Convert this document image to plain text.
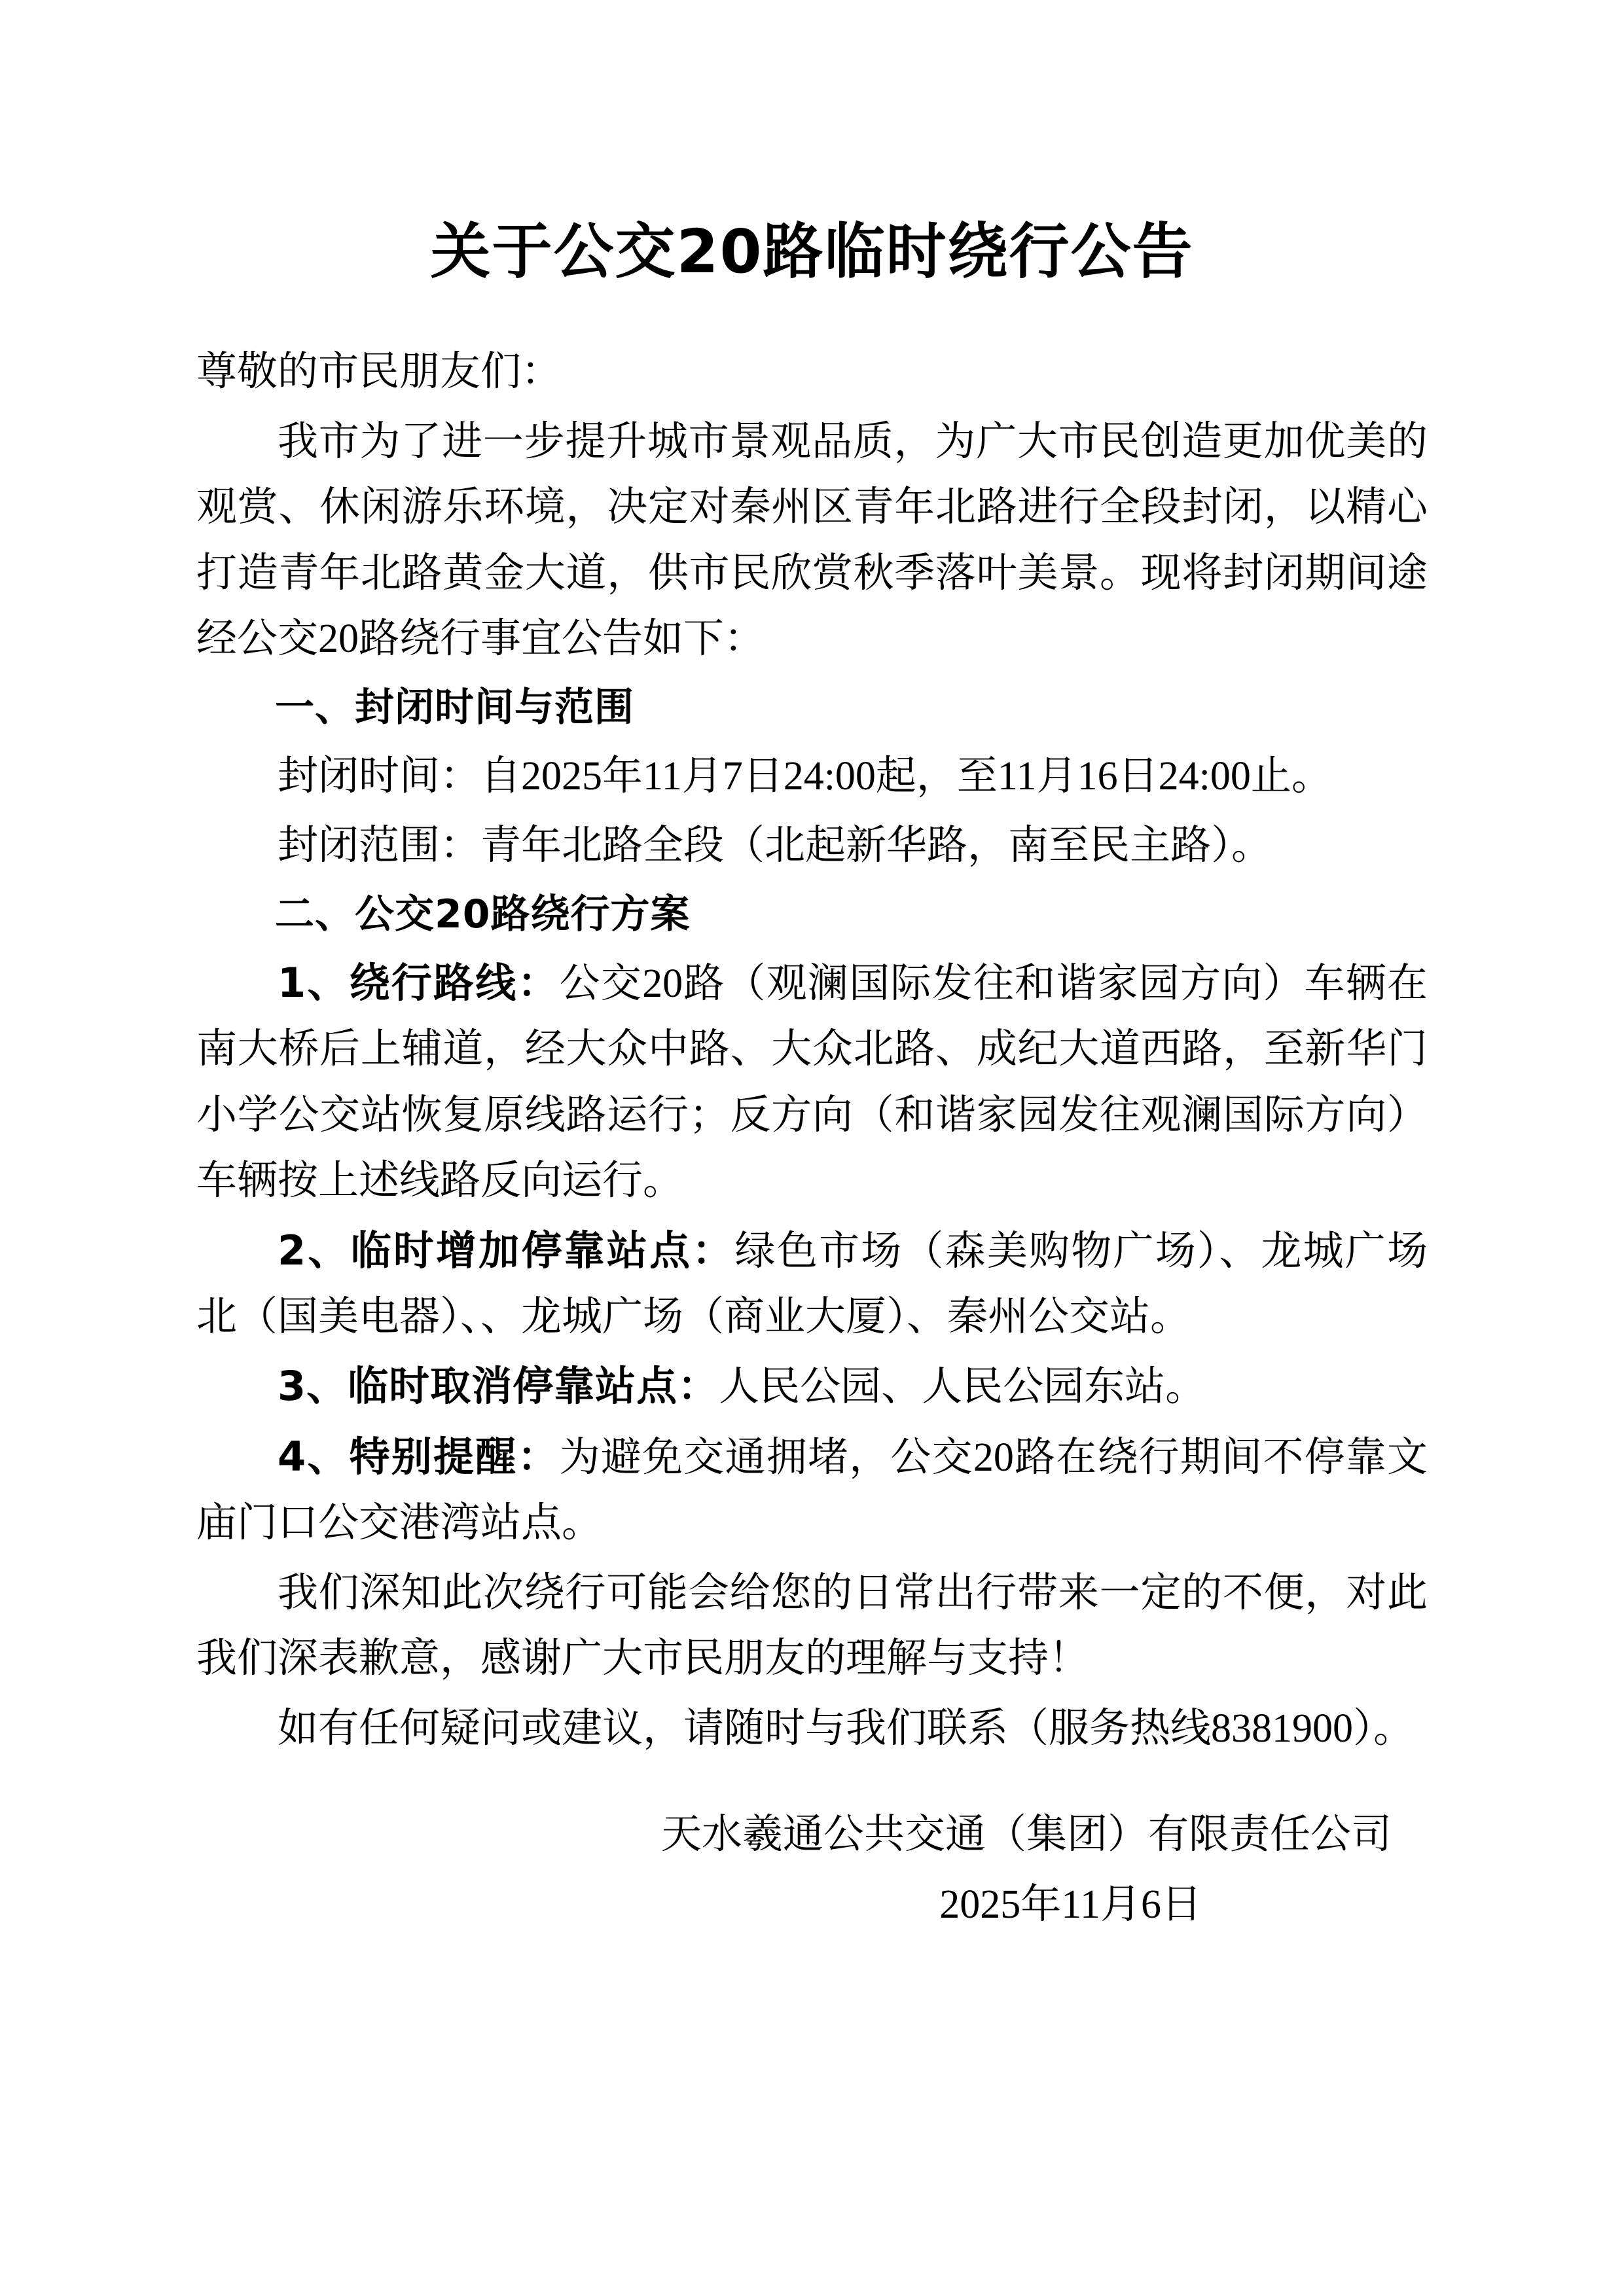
关于公交20路临时绕行公告

尊敬的市民朋友们：

我市为了进一步提升城市景观品质，为广大市民创造更加优美的观赏、休闲游乐环境，决定对秦州区青年北路进行全段封闭，以精心打造青年北路黄金大道，供市民欣赏秋季落叶美景。现将封闭期间途经公交20路绕行事宜公告如下：

一、封闭时间与范围

封闭时间：自2025年11月7日24:00起，至11月16日24:00止。

封闭范围：青年北路全段（北起新华路，南至民主路）。

二、公交20路绕行方案

1、绕行路线：公交20路（观澜国际发往和谐家园方向）车辆在南大桥后上辅道，经大众中路、大众北路、成纪大道西路，至新华门小学公交站恢复原线路运行；反方向（和谐家园发往观澜国际方向）车辆按上述线路反向运行。

2、临时增加停靠站点：绿色市场（森美购物广场）、龙城广场北（国美电器）、、龙城广场（商业大厦）、秦州公交站。

3、临时取消停靠站点：人民公园、人民公园东站。

4、特别提醒：为避免交通拥堵，公交20路在绕行期间不停靠文庙门口公交港湾站点。

我们深知此次绕行可能会给您的日常出行带来一定的不便，对此我们深表歉意，感谢广大市民朋友的理解与支持！

如有任何疑问或建议，请随时与我们联系（服务热线8381900）。

天水羲通公共交通（集团）有限责任公司

2025年11月6日
